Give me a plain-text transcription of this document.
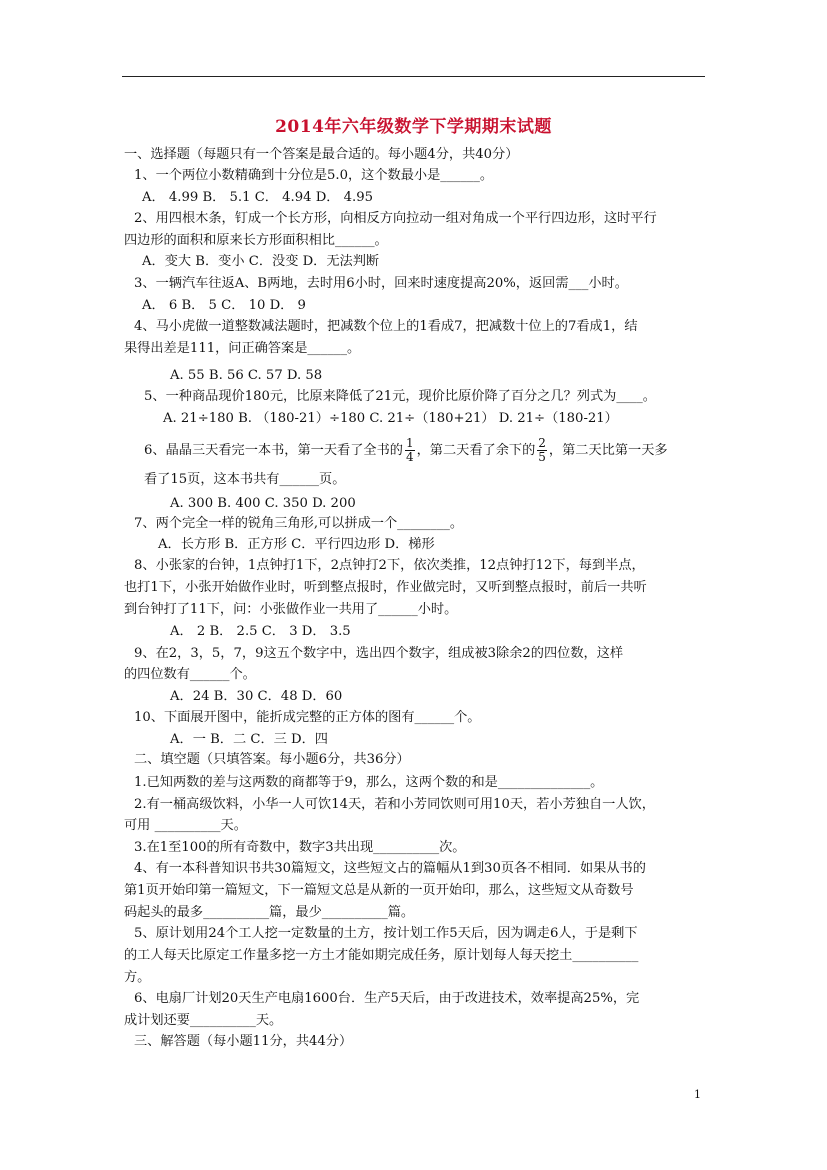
2014年六年级数学下学期期末试题
一、选择题（每题只有一个答案是最合适的。每小题4分，共40分）
1、一个两位小数精确到十分位是5.0，这个数最小是______。
A． 4.99 B． 5.1 C． 4.94 D． 4.95
2、用四根木条，钉成一个长方形，向相反方向拉动一组对角成一个平行四边形，这时平行
四边形的面积和原来长方形面积相比______。
A．变大 B．变小 C．没变 D．无法判断
3、一辆汽车往返A、B两地，去时用6小时，回来时速度提高20%，返回需___小时。
A． 6 B． 5 C． 10 D． 9
4、马小虎做一道整数减法题时，把减数个位上的1看成7，把减数十位上的7看成1，结
果得出差是111，问正确答案是______。
A. 55 B. 56 C. 57 D. 58
5、一种商品现价180元，比原来降低了21元，现价比原价降了百分之几？列式为____。
A. 21÷180 B. （180-21）÷180 C. 21÷（180+21） D. 21÷（180-21）
6、晶晶三天看完一本书，第一天看了全书的 $\frac{1}{4}$ ，第二天看了余下的 $\frac{2}{5}$ ，第二天比第一天多
看了15页，这本书共有______页。
A. 300 B. 400 C. 350 D. 200
7、两个完全一样的锐角三角形,可以拼成一个________。
A．长方形 B．正方形 C．平行四边形 D．梯形
8、小张家的台钟，1点钟打1下，2点钟打2下，依次类推，12点钟打12下，每到半点，
也打1下，小张开始做作业时，听到整点报时，作业做完时，又听到整点报时，前后一共听
到台钟打了11下，问：小张做作业一共用了______小时。
A． 2 B． 2.5 C． 3 D． 3.5
9、在2，3，5，7，9这五个数字中，选出四个数字，组成被3除余2的四位数，这样
的四位数有______个。
A．24 B．30 C．48 D．60
10、下面展开图中，能折成完整的正方体的图有______个。
A．一 B．二 C．三 D．四
二、填空题（只填答案。每小题6分，共36分）
1.已知两数的差与这两数的商都等于9，那么，这两个数的和是______________。
2.有一桶高级饮料，小华一人可饮14天，若和小芳同饮则可用10天，若小芳独自一人饮，
可用 __________天。
3.在1至100的所有奇数中，数字3共出现__________次。
4、有一本科普知识书共30篇短文，这些短文占的篇幅从1到30页各不相同．如果从书的
第1页开始印第一篇短文，下一篇短文总是从新的一页开始印，那么，这些短文从奇数号
码起头的最多__________篇，最少__________篇。
5、原计划用24个工人挖一定数量的土方，按计划工作5天后，因为调走6人，于是剩下
的工人每天比原定工作量多挖一方土才能如期完成任务，原计划每人每天挖土__________
方。
6、电扇厂计划20天生产电扇1600台．生产5天后，由于改进技术，效率提高25%，完
成计划还要__________天。
三、解答题（每小题11分，共44分）
1
